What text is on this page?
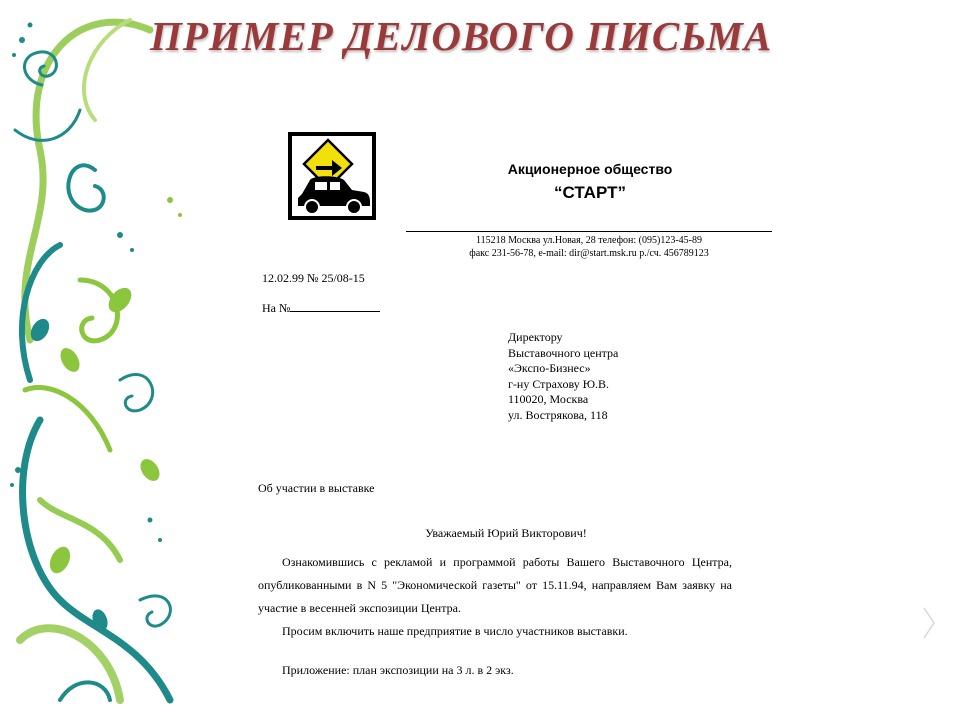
ПРИМЕР ДЕЛОВОГО ПИСЬМА
Акционерное общество
“СТАРТ”
115218 Москва ул.Новая, 28 телефон: (095)123-45-89
факс 231-56-78, e-mail: dir@start.msk.ru р./сч. 456789123
12.02.99 № 25/08-15
На №
Директору
Выставочного центра
«Экспо-Бизнес»
г-ну Страхову Ю.В.
110020, Москва
ул. Вострякова, 118
Об участии в выставке
Уважаемый Юрий Викторович!
Ознакомившись с рекламой и программой работы Вашего Выставочного Центра, опубликованными в N 5 "Экономической газеты" от 15.11.94, направляем Вам заявку на участие в весенней экспозиции Центра.
Просим включить наше предприятие в число участников выставки.
Приложение: план экспозиции на 3 л. в 2 экз.
